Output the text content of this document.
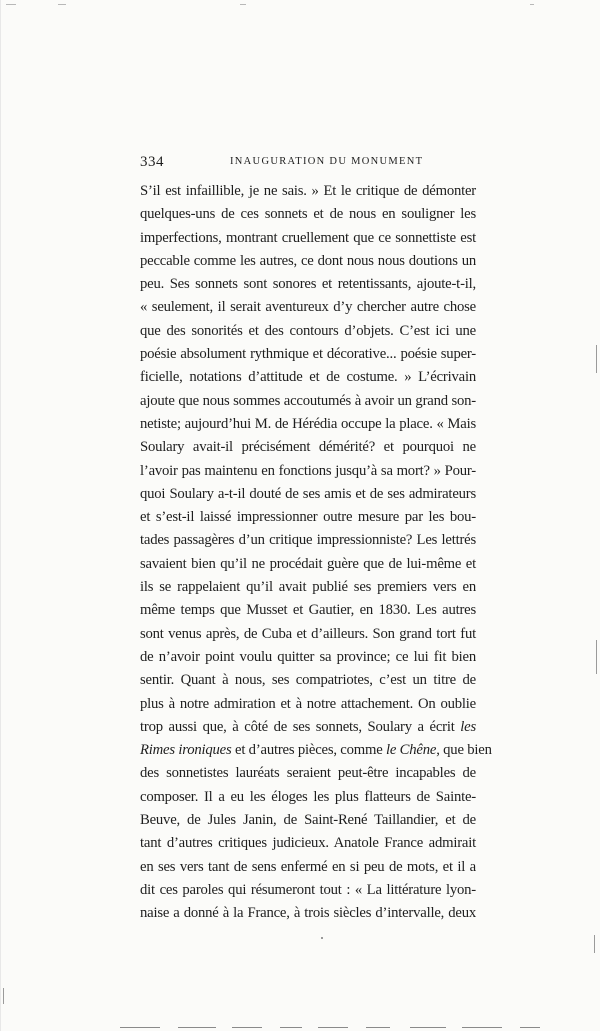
334	INAUGURATION DU MONUMENT
S’il est infaillible, je ne sais. » Et le critique de démonter
quelques-uns de ces sonnets et de nous en souligner les
imperfections, montrant cruellement que ce sonnettiste est
peccable comme les autres, ce dont nous nous doutions un
peu. Ses sonnets sont sonores et retentissants, ajoute-t-il,
« seulement, il serait aventureux d’y chercher autre chose
que des sonorités et des contours d’objets. C’est ici une
poésie absolument rythmique et décorative... poésie super-
ficielle, notations d’attitude et de costume. » L’écrivain
ajoute que nous sommes accoutumés à avoir un grand son-
netiste; aujourd’hui M. de Hérédia occupe la place. « Mais
Soulary avait-il précisément démérité? et pourquoi ne
l’avoir pas maintenu en fonctions jusqu’à sa mort? » Pour-
quoi Soulary a-t-il douté de ses amis et de ses admirateurs
et s’est-il laissé impressionner outre mesure par les bou-
tades passagères d’un critique impressionniste? Les lettrés
savaient bien qu’il ne procédait guère que de lui-même et
ils se rappelaient qu’il avait publié ses premiers vers en
même temps que Musset et Gautier, en 1830. Les autres
sont venus après, de Cuba et d’ailleurs. Son grand tort fut
de n’avoir point voulu quitter sa province; ce lui fit bien
sentir. Quant à nous, ses compatriotes, c’est un titre de
plus à notre admiration et à notre attachement. On oublie
trop aussi que, à côté de ses sonnets, Soulary a écrit les
Rimes ironiques et d’autres pièces, comme le Chêne, que bien
des sonnetistes lauréats seraient peut-être incapables de
composer. Il a eu les éloges les plus flatteurs de Sainte-
Beuve, de Jules Janin, de Saint-René Taillandier, et de
tant d’autres critiques judicieux. Anatole France admirait
en ses vers tant de sens enfermé en si peu de mots, et il a
dit ces paroles qui résumeront tout : « La littérature lyon-
naise a donné à la France, à trois siècles d’intervalle, deux
